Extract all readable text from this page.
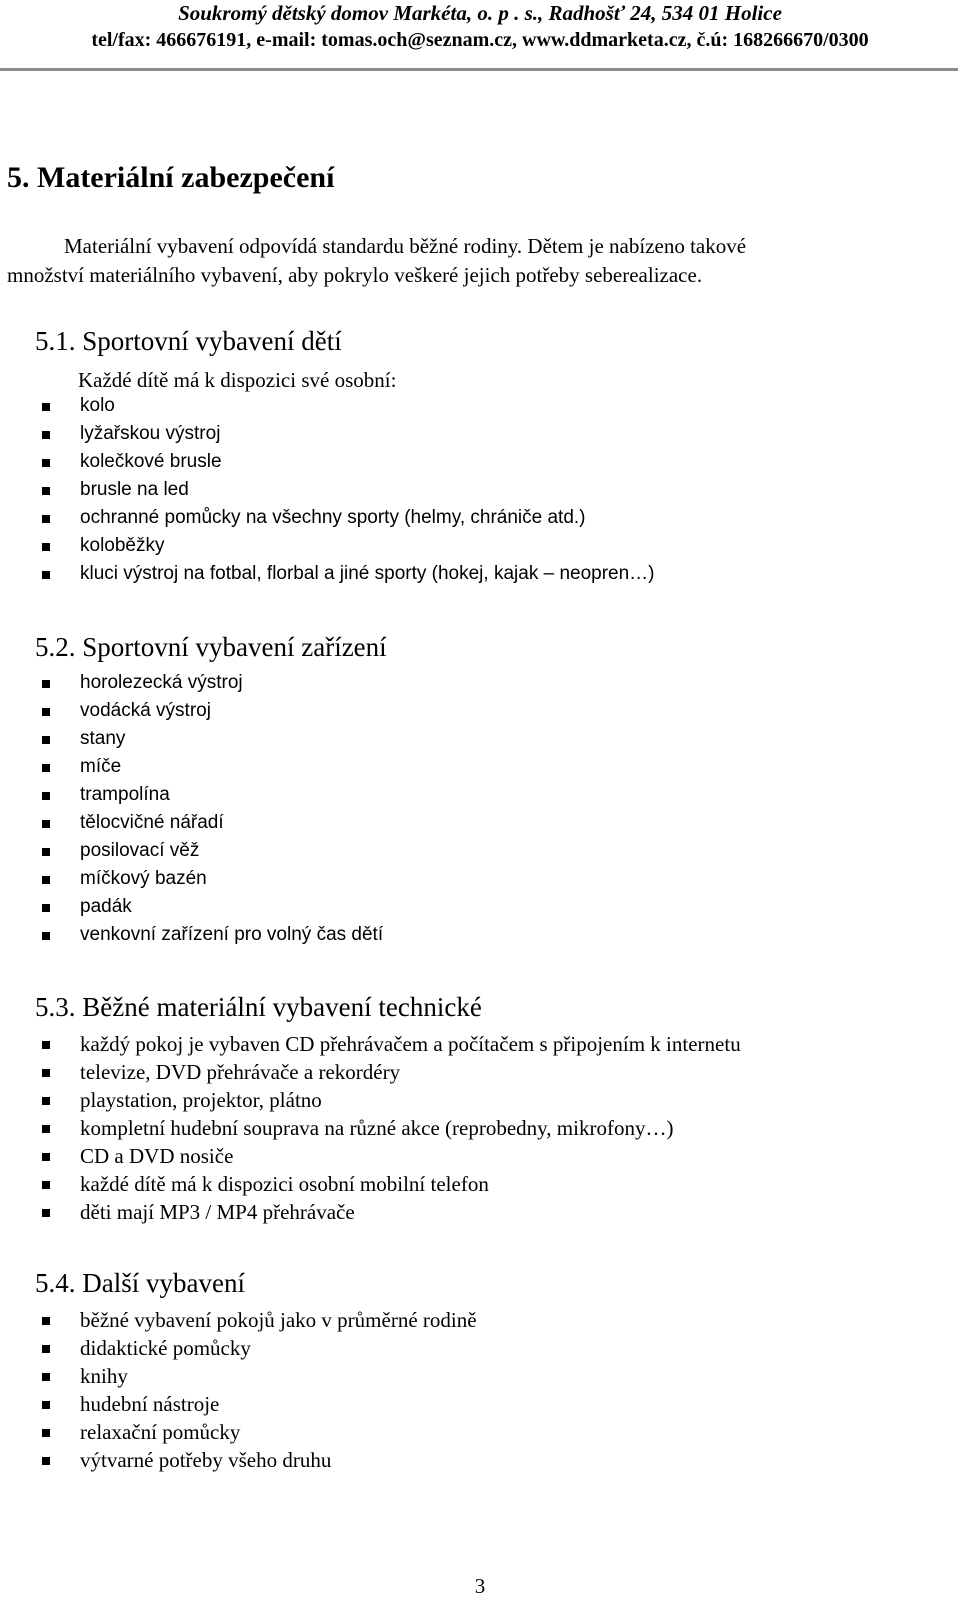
Soukromý dětský domov Markéta, o. p . s., Radhošť 24, 534 01 Holice
tel/fax: 466676191, e-mail: tomas.och@seznam.cz, www.ddmarketa.cz, č.ú: 168266670/0300
5. Materiální zabezpečení

Materiální vybavení odpovídá standardu běžné rodiny. Dětem je nabízeno takové

množství materiálního vybavení, aby pokrylo veškeré jejich potřeby seberealizace.

5.1. Sportovní vybavení dětí
Každé dítě má k dispozici své osobní:
kolo
lyžařskou výstroj
kolečkové brusle
brusle na led
ochranné pomůcky na všechny sporty (helmy, chrániče atd.)
koloběžky
kluci výstroj na fotbal, florbal a jiné sporty (hokej, kajak – neopren…)
5.2. Sportovní vybavení zařízení
horolezecká výstroj
vodácká výstroj
stany
míče
trampolína
tělocvičné nářadí
posilovací věž
míčkový bazén
padák
venkovní zařízení pro volný čas dětí
5.3. Běžné materiální vybavení technické
každý pokoj je vybaven CD přehrávačem a počítačem s připojením k internetu
televize, DVD přehrávače a rekordéry
playstation, projektor, plátno
kompletní hudební souprava na různé akce (reprobedny, mikrofony…)
CD a DVD nosiče
každé dítě má k dispozici osobní mobilní telefon
děti mají MP3 / MP4 přehrávače
5.4. Další vybavení
běžné vybavení pokojů jako v průměrné rodině
didaktické pomůcky
knihy
hudební nástroje
relaxační pomůcky
výtvarné potřeby všeho druhu
3
